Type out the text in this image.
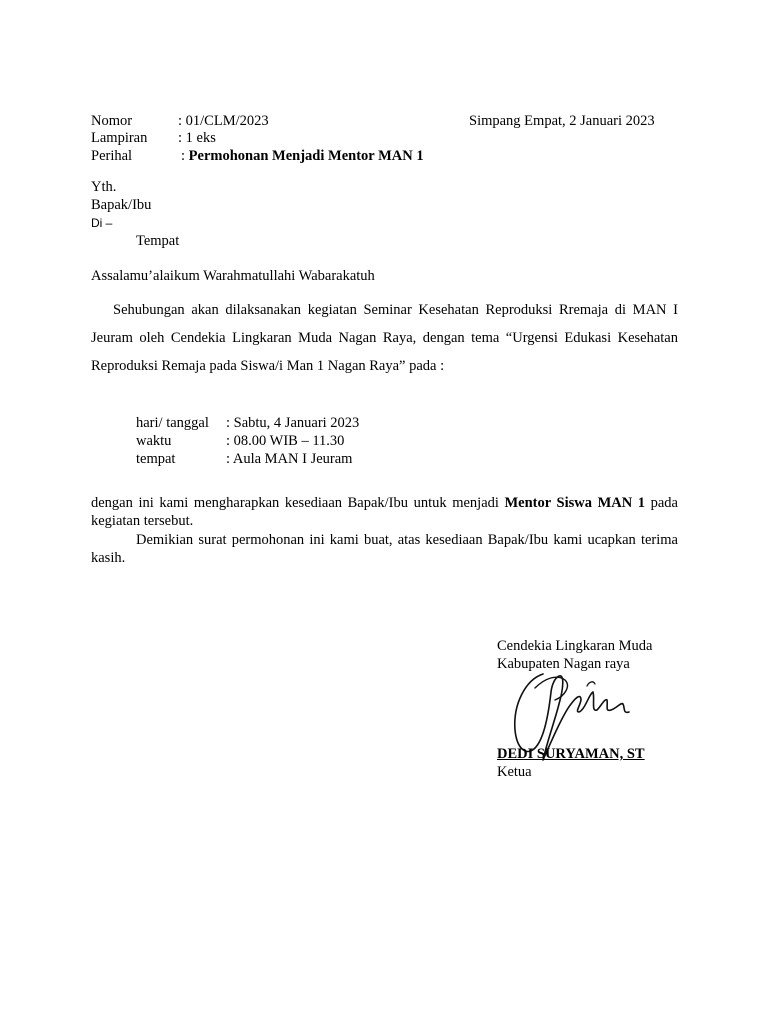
Nomor	: 01/CLM/2023	Simpang Empat, 2 Januari 2023
Lampiran : 1 eks
Perihal	: Permohonan Menjadi Mentor MAN 1
Yth.
Bapak/Ibu
Di –
Tempat
Assalamu’alaikum Warahmatullahi Wabarakatuh
Sehubungan akan dilaksanakan kegiatan Seminar Kesehatan Reproduksi Rremaja di MAN I Jeuram oleh Cendekia Lingkaran Muda Nagan Raya, dengan tema “Urgensi Edukasi Kesehatan Reproduksi Remaja pada Siswa/i Man 1 Nagan Raya” pada :
hari/ tanggal : Sabtu, 4 Januari 2023
waktu	: 08.00 WIB – 11.30
tempat	: Aula MAN I Jeuram
dengan ini kami mengharapkan kesediaan Bapak/Ibu untuk menjadi Mentor Siswa MAN 1 pada kegiatan tersebut.
Demikian surat permohonan ini kami buat, atas kesediaan Bapak/Ibu kami ucapkan terima kasih.
Cendekia Lingkaran Muda
Kabupaten Nagan raya
DEDI SURYAMAN, ST
Ketua
